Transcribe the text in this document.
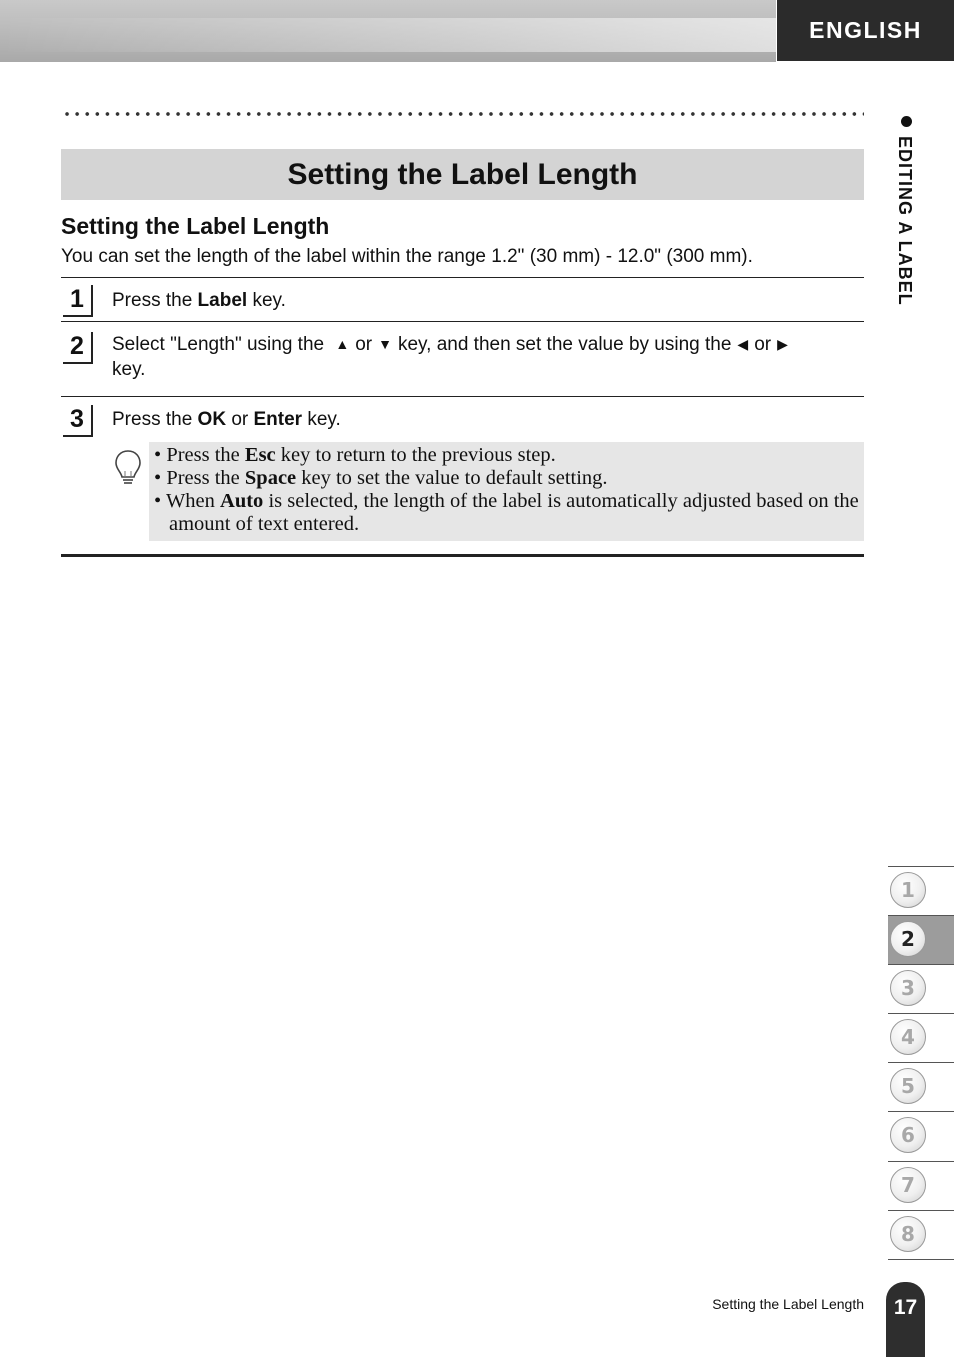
ENGLISH
Setting the Label Length
Setting the Label Length
You can set the length of the label within the range 1.2" (30 mm) - 12.0" (300 mm).
1	Press the Label key.
2	Select "Length" using the ▲ or ▼ key, and then set the value by using the ◀ or ▶
key.
3	Press the OK or Enter key.
• Press the Esc key to return to the previous step.
• Press the Space key to set the value to default setting.
• When Auto is selected, the length of the label is automatically adjusted based on the amount of text entered.
EDITING A LABEL
1
2
3
4
5
6
7
8
Setting the Label Length	17
